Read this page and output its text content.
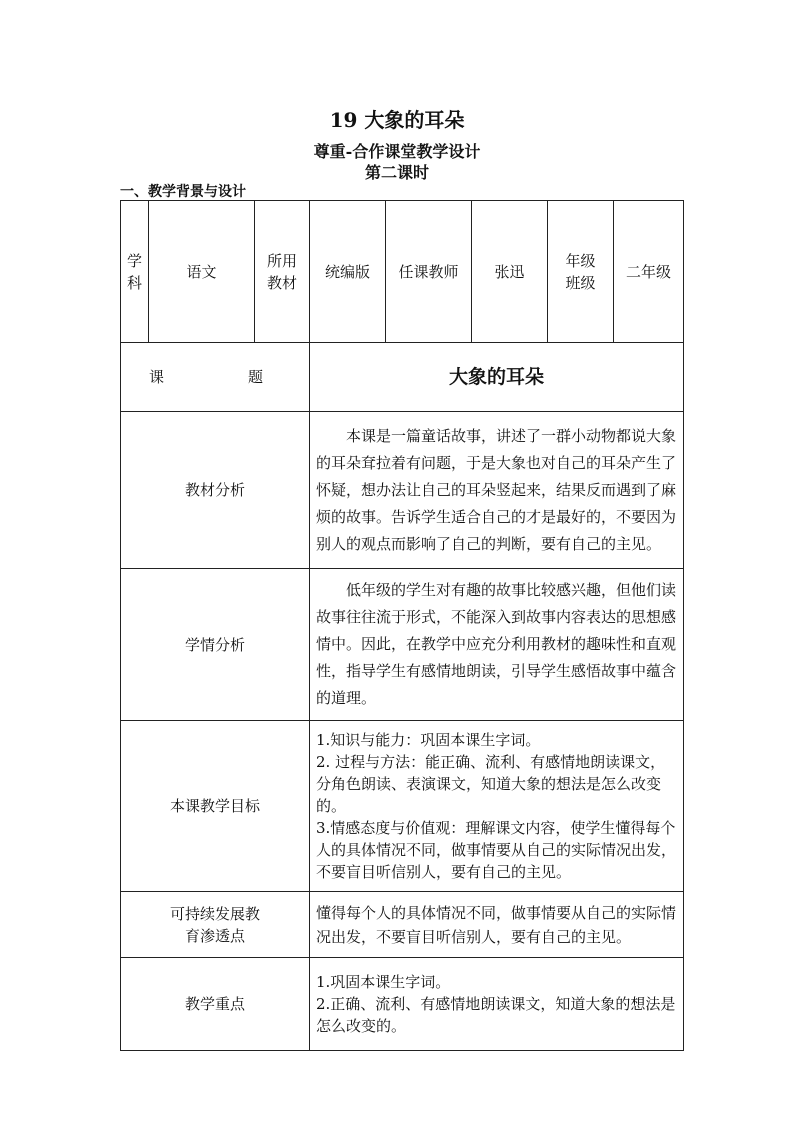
19 大象的耳朵
尊重-合作课堂教学设计
第二课时
一、教学背景与设计
学科	语文	所用教材	统编版	任课教师	张迅	年级班级	二年级
课　　题			大象的耳朵				
教材分析			本课是一篇童话故事，讲述了一群小动物都说大象的耳朵耷拉着有问题，于是大象也对自己的耳朵产生了怀疑，想办法让自己的耳朵竖起来，结果反而遇到了麻烦的故事。告诉学生适合自己的才是最好的，不要因为别人的观点而影响了自己的判断，要有自己的主见。				

学情分析			低年级的学生对有趣的故事比较感兴趣，但他们读故事往往流于形式，不能深入到故事内容表达的思想感情中。因此，在教学中应充分利用教材的趣味性和直观性，指导学生有感情地朗读，引导学生感悟故事中蕴含的道理。				

本课教学目标			1.知识与能力：巩固本课生字词。
2. 过程与方法：能正确、流利、有感情地朗读课文，分角色朗读、表演课文，知道大象的想法是怎么改变的。
3.情感态度与价值观：理解课文内容，使学生懂得每个人的具体情况不同，做事情要从自己的实际情况出发，不要盲目听信别人，要有自己的主见。				

可持续发展教育渗透点			懂得每个人的具体情况不同，做事情要从自己的实际情况出发，不要盲目听信别人，要有自己的主见。				
教学重点			1.巩固本课生字词。
2.正确、流利、有感情地朗读课文，知道大象的想法是怎么改变的。				
